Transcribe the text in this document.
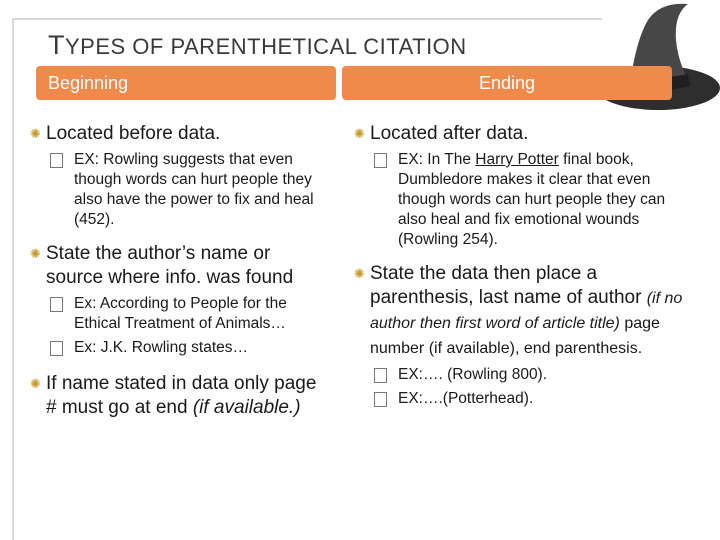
TYPES OF PARENTHETICAL CITATION
Beginning	Ending
✺ Located before data.
EX: Rowling suggests that even though words can hurt people they also have the power to fix and heal (452).
✺ State the author’s name or source where info. was found
Ex: According to People for the Ethical Treatment of Animals…
Ex: J.K. Rowling states…
✺ If name stated in data only page # must go at end (if available.)
✺ Located after data.
EX: In The Harry Potter final book, Dumbledore makes it clear that even though words can hurt people they can also heal and fix emotional wounds (Rowling 254).
✺ State the data then place a parenthesis, last name of author (if no author then first word of article title) page number (if available), end parenthesis.
EX:…. (Rowling 800).
EX:….(Potterhead).
